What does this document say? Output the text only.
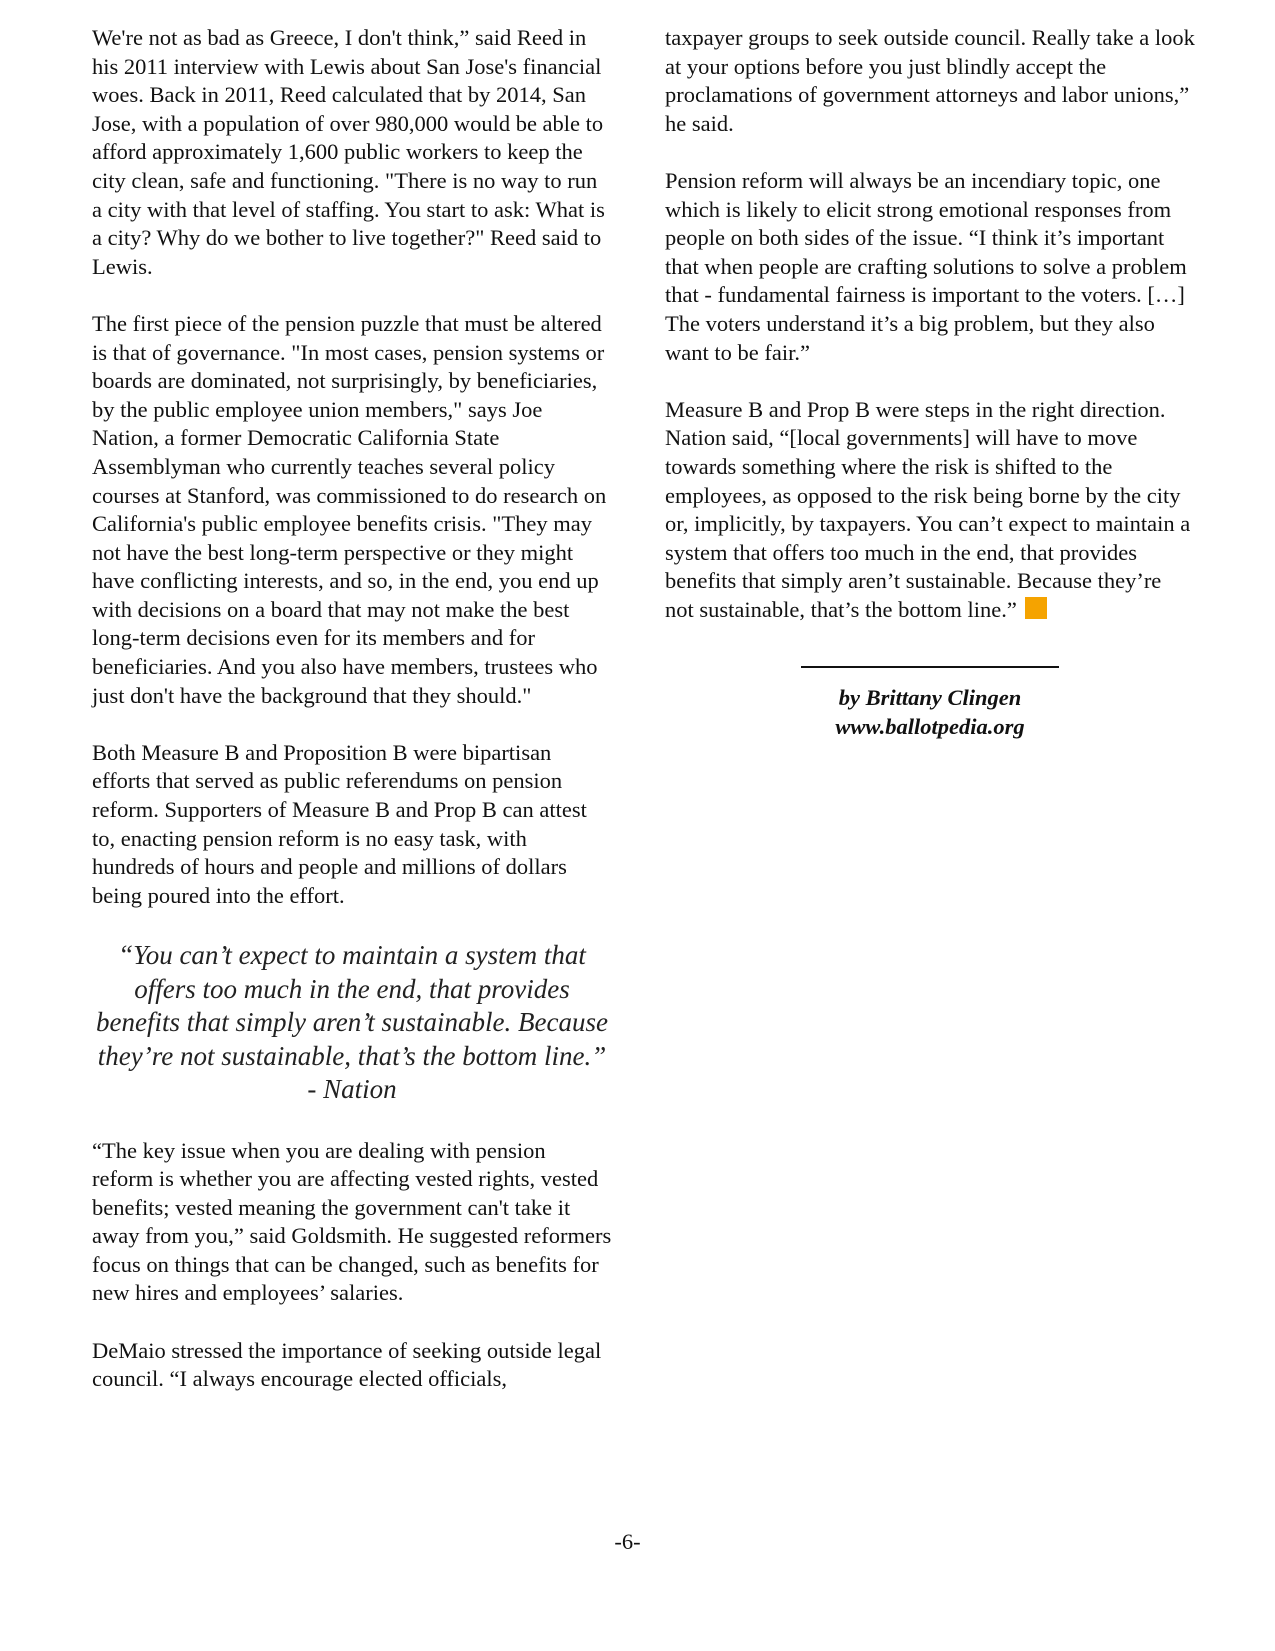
We're not as bad as Greece, I don't think,” said Reed in his 2011 interview with Lewis about San Jose's financial woes. Back in 2011, Reed calculated that by 2014, San Jose, with a population of over 980,000 would be able to afford approximately 1,600 public workers to keep the city clean, safe and functioning. "There is no way to run a city with that level of staffing. You start to ask: What is a city? Why do we bother to live together?" Reed said to Lewis.

The first piece of the pension puzzle that must be altered is that of governance. "In most cases, pension systems or boards are dominated, not surprisingly, by beneficiaries, by the public employee union members," says Joe Nation, a former Democratic California State Assemblyman who currently teaches several policy courses at Stanford, was commissioned to do research on California's public employee benefits crisis. "They may not have the best long-term perspective or they might have conflicting interests, and so, in the end, you end up with decisions on a board that may not make the best long-term decisions even for its members and for beneficiaries. And you also have members, trustees who just don't have the background that they should."

Both Measure B and Proposition B were bipartisan efforts that served as public referendums on pension reform. Supporters of Measure B and Prop B can attest to, enacting pension reform is no easy task, with hundreds of hours and people and millions of dollars being poured into the effort.

“You can’t expect to maintain a system that offers too much in the end, that provides benefits that simply aren’t sustainable. Because they’re not sustainable, that’s the bottom line.” - Nation

“The key issue when you are dealing with pension reform is whether you are affecting vested rights, vested benefits; vested meaning the government can't take it away from you,” said Goldsmith. He suggested reformers focus on things that can be changed, such as benefits for new hires and employees’ salaries.

DeMaio stressed the importance of seeking outside legal council. “I always encourage elected officials,

taxpayer groups to seek outside council. Really take a look at your options before you just blindly accept the proclamations of government attorneys and labor unions,” he said.

Pension reform will always be an incendiary topic, one which is likely to elicit strong emotional responses from people on both sides of the issue. “I think it’s important that when people are crafting solutions to solve a problem that - fundamental fairness is important to the voters. […] The voters understand it’s a big problem, but they also want to be fair.”

Measure B and Prop B were steps in the right direction. Nation said, “[local governments] will have to move towards something where the risk is shifted to the employees, as opposed to the risk being borne by the city or, implicitly, by taxpayers. You can’t expect to maintain a system that offers too much in the end, that provides benefits that simply aren’t sustainable. Because they’re not sustainable, that’s the bottom line.”

by Brittany Clingen
www.ballotpedia.org
-6-
